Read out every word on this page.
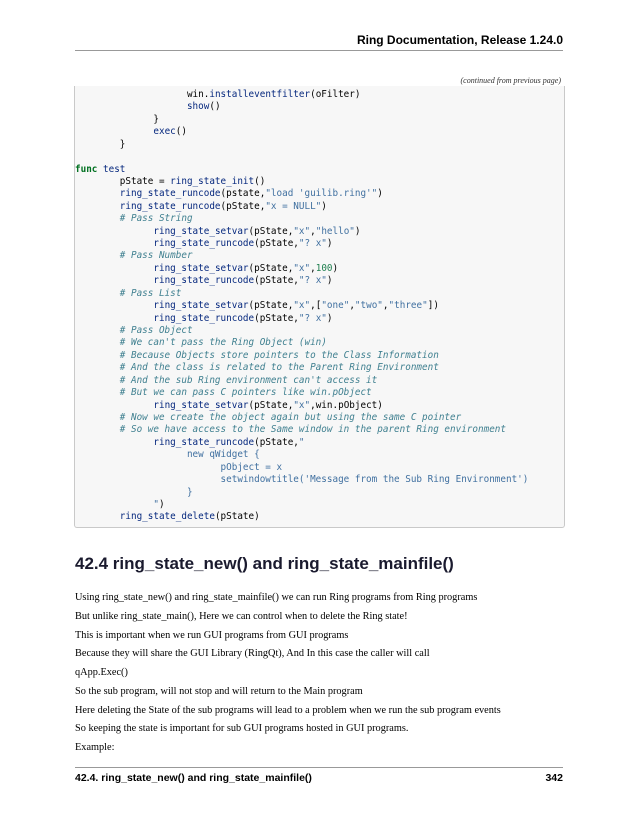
Ring Documentation, Release 1.24.0
(continued from previous page)
win.installeventfilter(oFilter)
show()
}
exec()
}
func test
pState = ring_state_init()
ring_state_runcode(pstate,"load 'guilib.ring'")
ring_state_runcode(pState,"x = NULL")
# Pass String
ring_state_setvar(pState,"x","hello")
ring_state_runcode(pState,"? x")
# Pass Number
ring_state_setvar(pState,"x",100)
ring_state_runcode(pState,"? x")
# Pass List
ring_state_setvar(pState,"x",["one","two","three"])
ring_state_runcode(pState,"? x")
# Pass Object
# We can't pass the Ring Object (win)
# Because Objects store pointers to the Class Information
# And the class is related to the Parent Ring Environment
# And the sub Ring environment can't access it
# But we can pass C pointers like win.pObject
ring_state_setvar(pState,"x",win.pObject)
# Now we create the object again but using the same C pointer
# So we have access to the Same window in the parent Ring environment
ring_state_runcode(pState,"
new qWidget {
pObject = x
setwindowtitle('Message from the Sub Ring Environment')
}
")
ring_state_delete(pState)
42.4 ring_state_new() and ring_state_mainfile()
Using ring_state_new() and ring_state_mainfile() we can run Ring programs from Ring programs
But unlike ring_state_main(), Here we can control when to delete the Ring state!
This is important when we run GUI programs from GUI programs
Because they will share the GUI Library (RingQt), And In this case the caller will call
qApp.Exec()
So the sub program, will not stop and will return to the Main program
Here deleting the State of the sub programs will lead to a problem when we run the sub program events
So keeping the state is important for sub GUI programs hosted in GUI programs.
Example:
42.4. ring_state_new() and ring_state_mainfile()	342
